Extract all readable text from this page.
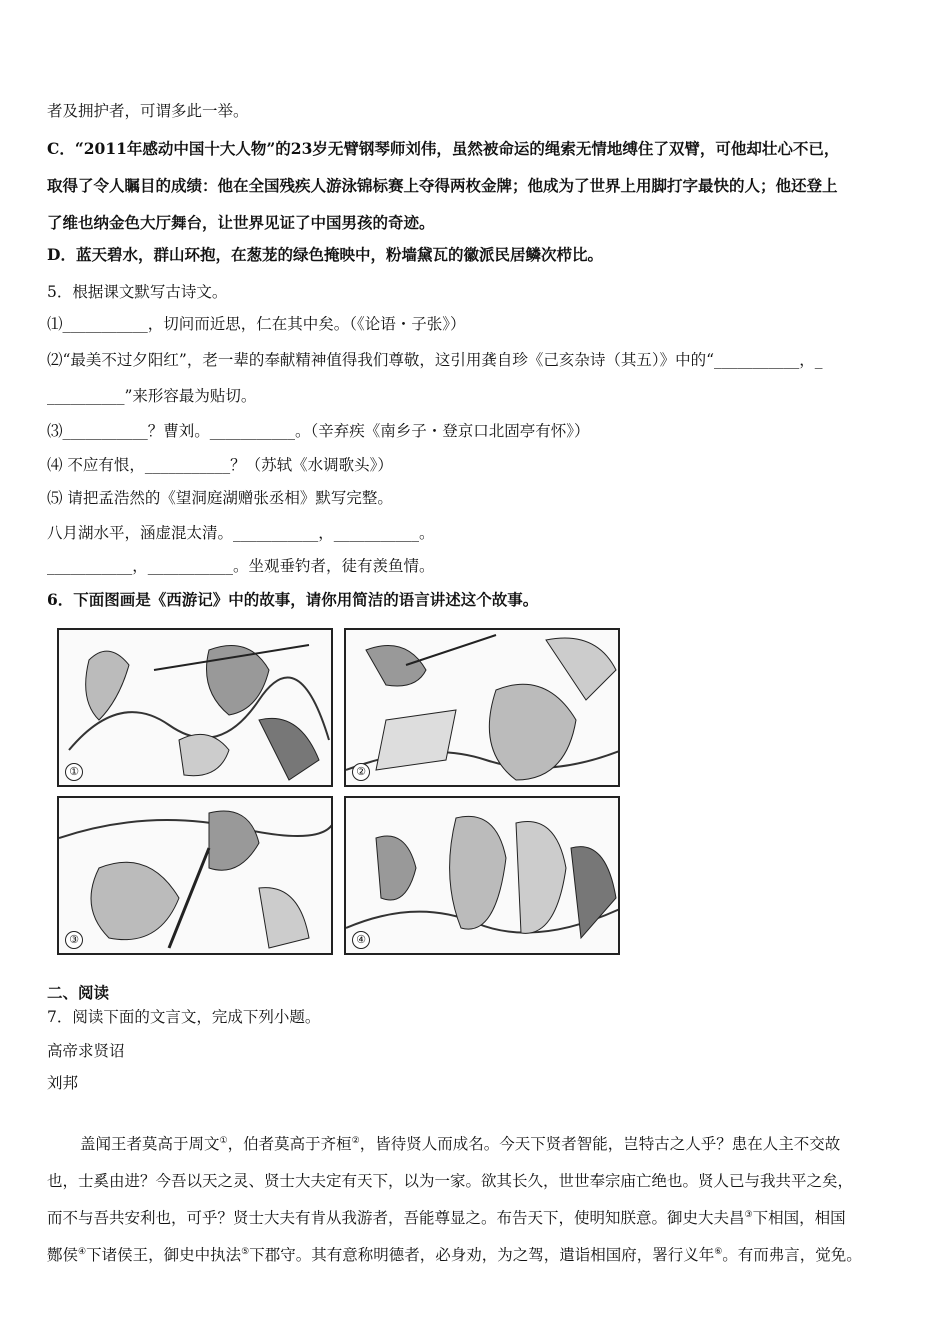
者及拥护者，可谓多此一举。
C．“2011年感动中国十大人物”的23岁无臂钢琴师刘伟，虽然被命运的绳索无情地缚住了双臂，可他却壮心不已，
取得了令人瞩目的成绩：他在全国残疾人游泳锦标赛上夺得两枚金牌；他成为了世界上用脚打字最快的人；他还登上
了维也纳金色大厅舞台，让世界见证了中国男孩的奇迹。
D．蓝天碧水，群山环抱，在葱茏的绿色掩映中，粉墙黛瓦的徽派民居鳞次栉比。
5．根据课文默写古诗文。
⑴___________，切问而近思，仁在其中矣。（《论语・子张》）
⑵“最美不过夕阳红”，老一辈的奉献精神值得我们尊敬，这引用龚自珍《己亥杂诗（其五）》中的“___________，_
__________”来形容最为贴切。
⑶___________？曹刘。___________。（辛弃疾《南乡子・登京口北固亭有怀》）
⑷ 不应有恨，___________？（苏轼《水调歌头》）
⑸ 请把孟浩然的《望洞庭湖赠张丞相》默写完整。
八月湖水平，涵虚混太清。___________，___________。
___________，___________。坐观垂钓者，徒有羡鱼情。
6．下面图画是《西游记》中的故事，请你用简洁的语言讲述这个故事。
①	②
③	④
二、阅读
7．阅读下面的文言文，完成下列小题。
高帝求贤诏
刘邦
盖闻王者莫高于周文①，伯者莫高于齐桓②，皆待贤人而成名。今天下贤者智能，岂特古之人乎？患在人主不交故
也，士奚由进？今吾以天之灵、贤士大夫定有天下，以为一家。欲其长久，世世奉宗庙亡绝也。贤人已与我共平之矣，
而不与吾共安利也，可乎？贤士大夫有肯从我游者，吾能尊显之。布告天下，使明知朕意。御史大夫昌③下相国，相国
酂侯④下诸侯王，御史中执法⑤下郡守。其有意称明德者，必身劝，为之驾，遣诣相国府，署行义年⑥。有而弗言，觉免。
